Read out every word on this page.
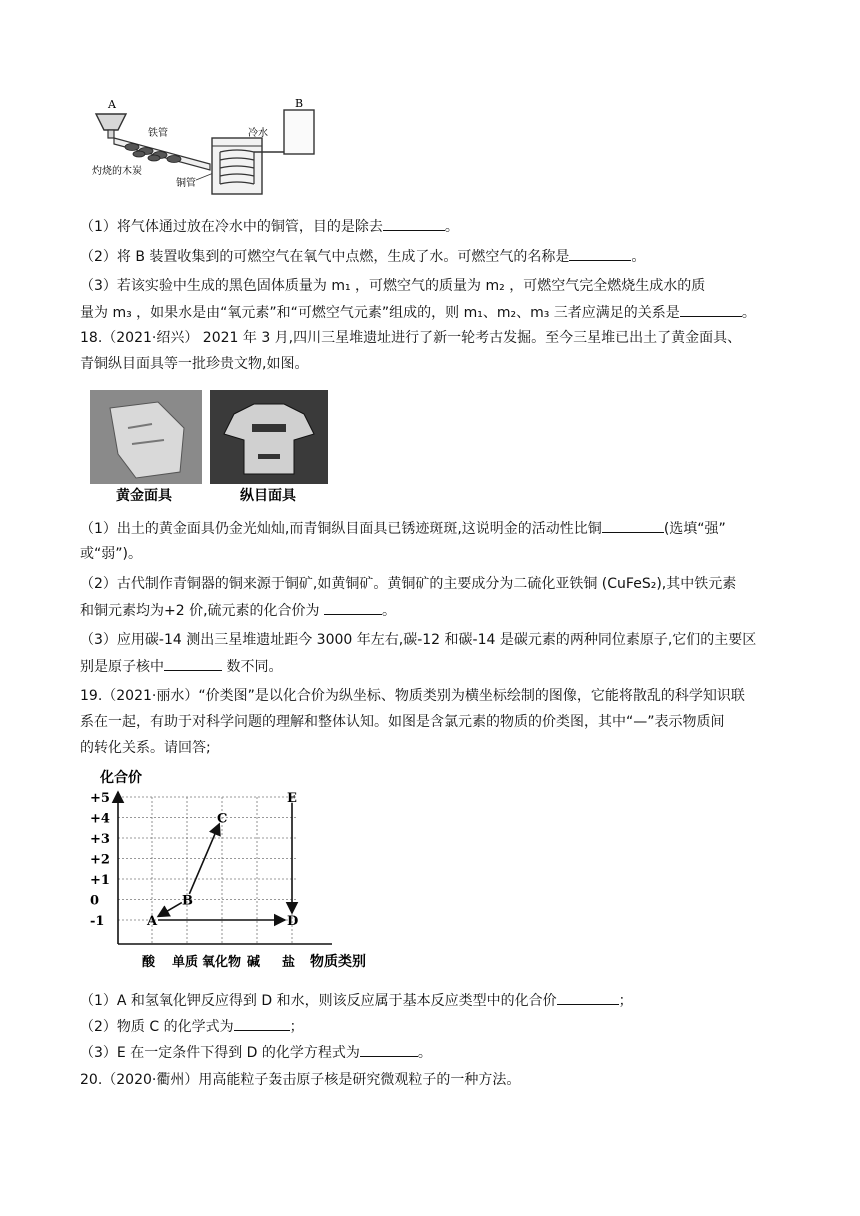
A
铁管
灼烧的木炭
铜管
冷水
B
（1）将气体通过放在冷水中的铜管，目的是除去	。
（2）将 B 装置收集到的可燃空气在氧气中点燃，生成了水。可燃空气的名称是	。
（3）若该实验中生成的黑色固体质量为 m₁ ，可燃空气的质量为 m₂ ，可燃空气完全燃烧生成水的质
量为 m₃ ，如果水是由“氧元素”和“可燃空气元素”组成的，则 m₁、m₂、m₃ 三者应满足的关系是	。
18.（2021·绍兴） 2021 年 3 月,四川三星堆遗址进行了新一轮考古发掘。至今三星堆已出土了黄金面具、
青铜纵目面具等一批珍贵文物,如图。
黄金面具	纵目面具
（1）出土的黄金面具仍金光灿灿,而青铜纵目面具已锈迹斑斑,这说明金的活动性比铜	(选填“强”
或“弱”)。
（2）古代制作青铜器的铜来源于铜矿,如黄铜矿。黄铜矿的主要成分为二硫化亚铁铜 (CuFeS₂),其中铁元素
和铜元素均为+2 价,硫元素的化合价为	。
（3）应用碳-14 测出三星堆遗址距今 3000 年左右,碳-12 和碳-14 是碳元素的两种同位素原子,它们的主要区
别是原子核中	数不同。
19.（2021·丽水）“价类图”是以化合价为纵坐标、物质类别为横坐标绘制的图像，它能将散乱的科学知识联
系在一起，有助于对科学问题的理解和整体认知。如图是含氯元素的物质的价类图，其中“—”表示物质间
的转化关系。请回答;
化合价
+5
+4
+3
+2
+1
0
-1
酸 单质 氧化物 碱 盐
A
B
C
D
E
物质类别
（1）A 和氢氧化钾反应得到 D 和水，则该反应属于基本反应类型中的化合价	；
（2）物质 C 的化学式为	；
（3）E 在一定条件下得到 D 的化学方程式为	。
20.（2020·衢州）用高能粒子轰击原子核是研究微观粒子的一种方法。
